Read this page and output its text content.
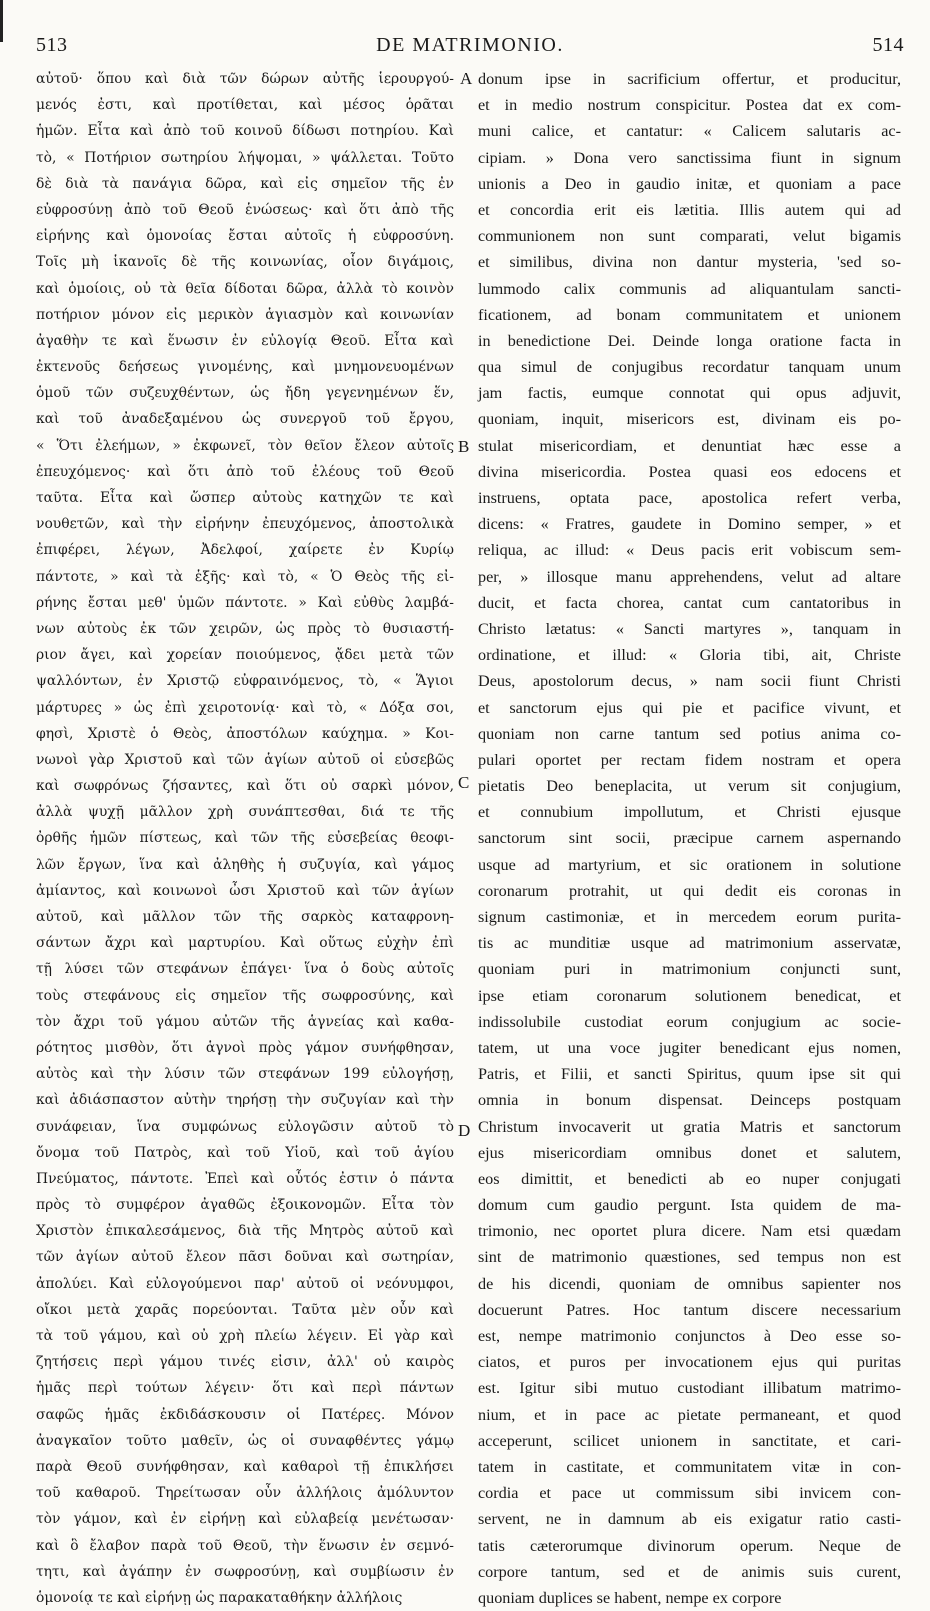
513	DE MATRIMONIO.	514
αὐτοῦ· ὅπου καὶ διὰ τῶν δώρων αὐτῆς ἱερουργού-
μενός ἐστι, καὶ προτίθεται, καὶ μέσος ὁρᾶται
ἡμῶν. Εἶτα καὶ ἀπὸ τοῦ κοινοῦ δίδωσι ποτηρίου. Καὶ
τὸ, « Ποτήριον σωτηρίου λήψομαι, » ψάλλεται. Τοῦτο
δὲ διὰ τὰ πανάγια δῶρα, καὶ εἰς σημεῖον τῆς ἐν
εὐφροσύνῃ ἀπὸ τοῦ Θεοῦ ἑνώσεως· καὶ ὅτι ἀπὸ τῆς
εἰρήνης καὶ ὁμονοίας ἔσται αὐτοῖς ἡ εὐφροσύνη.
Τοῖς μὴ ἱκανοῖς δὲ τῆς κοινωνίας, οἷον διγάμοις,
καὶ ὁμοίοις, οὐ τὰ θεῖα δίδοται δῶρα, ἀλλὰ τὸ κοινὸν
ποτήριον μόνον εἰς μερικὸν ἁγιασμὸν καὶ κοινωνίαν
ἀγαθὴν τε καὶ ἕνωσιν ἐν εὐλογίᾳ Θεοῦ. Εἶτα καὶ
ἐκτενοῦς δεήσεως γινομένης, καὶ μνημονευομένων
ὁμοῦ τῶν συζευχθέντων, ὡς ἤδη γεγενημένων ἕν,
καὶ τοῦ ἀναδεξαμένου ὡς συνεργοῦ τοῦ ἔργου,
« Ὅτι ἐλεήμων, » ἐκφωνεῖ, τὸν θεῖον ἔλεον αὐτοῖς
ἐπευχόμενος· καὶ ὅτι ἀπὸ τοῦ ἐλέους τοῦ Θεοῦ
ταῦτα. Εἶτα καὶ ὥσπερ αὐτοὺς κατηχῶν τε καὶ
νουθετῶν, καὶ τὴν εἰρήνην ἐπευχόμενος, ἀποστολικὰ
ἐπιφέρει, λέγων, Ἀδελφοί, χαίρετε ἐν Κυρίῳ
πάντοτε, » καὶ τὰ ἑξῆς· καὶ τὸ, « Ὁ Θεὸς τῆς εἰ-
ρήνης ἔσται μεθ' ὑμῶν πάντοτε. » Καὶ εὐθὺς λαμβά-
νων αὐτοὺς ἐκ τῶν χειρῶν, ὡς πρὸς τὸ θυσιαστή-
ριον ἄγει, καὶ χορείαν ποιούμενος, ᾄδει μετὰ τῶν
ψαλλόντων, ἐν Χριστῷ εὐφραινόμενος, τὸ, « Ἅγιοι
μάρτυρες » ὡς ἐπὶ χειροτονίᾳ· καὶ τὸ, « Δόξα σοι,
φησὶ, Χριστὲ ὁ Θεὸς, ἀποστόλων καύχημα. » Κοι-
νωνοὶ γὰρ Χριστοῦ καὶ τῶν ἁγίων αὐτοῦ οἱ εὐσεβῶς
καὶ σωφρόνως ζήσαντες, καὶ ὅτι οὐ σαρκὶ μόνον,
ἀλλὰ ψυχῇ μᾶλλον χρὴ συνάπτεσθαι, διά τε τῆς
ὀρθῆς ἡμῶν πίστεως, καὶ τῶν τῆς εὐσεβείας θεοφι-
λῶν ἔργων, ἵνα καὶ ἀληθὴς ἡ συζυγία, καὶ γάμος
ἀμίαντος, καὶ κοινωνοὶ ὦσι Χριστοῦ καὶ τῶν ἁγίων
αὐτοῦ, καὶ μᾶλλον τῶν τῆς σαρκὸς καταφρονη-
σάντων ἄχρι καὶ μαρτυρίου. Καὶ οὕτως εὐχὴν ἐπὶ
τῇ λύσει τῶν στεφάνων ἐπάγει· ἵνα ὁ δοὺς αὐτοῖς
τοὺς στεφάνους εἰς σημεῖον τῆς σωφροσύνης, καὶ
τὸν ἄχρι τοῦ γάμου αὐτῶν τῆς ἁγνείας καὶ καθα-
ρότητος μισθὸν, ὅτι ἁγνοὶ πρὸς γάμον συνήφθησαν,
αὐτὸς καὶ τὴν λύσιν τῶν στεφάνων 199 εὐλογήσῃ,
καὶ ἀδιάσπαστον αὐτὴν τηρήσῃ τὴν συζυγίαν καὶ τὴν
συνάφειαν, ἵνα συμφώνως εὐλογῶσιν αὐτοῦ τὸ
ὄνομα τοῦ Πατρὸς, καὶ τοῦ Υἱοῦ, καὶ τοῦ ἁγίου
Πνεύματος, πάντοτε. Ἐπεὶ καὶ οὗτός ἐστιν ὁ πάντα
πρὸς τὸ συμφέρον ἀγαθῶς ἐξοικονομῶν. Εἶτα τὸν
Χριστὸν ἐπικαλεσάμενος, διὰ τῆς Μητρὸς αὐτοῦ καὶ
τῶν ἁγίων αὐτοῦ ἔλεον πᾶσι δοῦναι καὶ σωτηρίαν,
ἀπολύει. Καὶ εὐλογούμενοι παρ' αὐτοῦ οἱ νεόνυμφοι,
οἴκοι μετὰ χαρᾶς πορεύονται. Ταῦτα μὲν οὖν καὶ
τὰ τοῦ γάμου, καὶ οὐ χρὴ πλείω λέγειν. Εἰ γὰρ καὶ
ζητήσεις περὶ γάμου τινές εἰσιν, ἀλλ' οὐ καιρὸς
ἡμᾶς περὶ τούτων λέγειν· ὅτι καὶ περὶ πάντων
σαφῶς ἡμᾶς ἐκδιδάσκουσιν οἱ Πατέρες. Μόνον
ἀναγκαῖον τοῦτο μαθεῖν, ὡς οἱ συναφθέντες γάμῳ
παρὰ Θεοῦ συνήφθησαν, καὶ καθαροὶ τῇ ἐπικλήσει
τοῦ καθαροῦ. Τηρείτωσαν οὖν ἀλλήλοις ἀμόλυντον
τὸν γάμον, καὶ ἐν εἰρήνῃ καὶ εὐλαβείᾳ μενέτωσαν·
καὶ ὃ ἔλαβον παρὰ τοῦ Θεοῦ, τὴν ἕνωσιν ἐν σεμνό-
τητι, καὶ ἀγάπην ἐν σωφροσύνῃ, καὶ συμβίωσιν ἐν
ὁμονοίᾳ τε καὶ εἰρήνῃ ὡς παρακαταθήκην ἀλλήλοις
donum ipse in sacrificium offertur, et producitur,
et in medio nostrum conspicitur. Postea dat ex com-
muni calice, et cantatur: « Calicem salutaris ac-
cipiam. » Dona vero sanctissima fiunt in signum
unionis a Deo in gaudio initæ, et quoniam a pace
et concordia erit eis lætitia. Illis autem qui ad
communionem non sunt comparati, velut bigamis
et similibus, divina non dantur mysteria, 'sed so-
lummodo calix communis ad aliquantulam sancti-
ficationem, ad bonam communitatem et unionem
in benedictione Dei. Deinde longa oratione facta in
qua simul de conjugibus recordatur tanquam unum
jam factis, eumque connotat qui opus adjuvit,
quoniam, inquit, misericors est, divinam eis po-
stulat misericordiam, et denuntiat hæc esse a
divina misericordia. Postea quasi eos edocens et
instruens, optata pace, apostolica refert verba,
dicens: « Fratres, gaudete in Domino semper, » et
reliqua, ac illud: « Deus pacis erit vobiscum sem-
per, » illosque manu apprehendens, velut ad altare
ducit, et facta chorea, cantat cum cantatoribus in
Christo lætatus: « Sancti martyres », tanquam in
ordinatione, et illud: « Gloria tibi, ait, Christe
Deus, apostolorum decus, » nam socii fiunt Christi
et sanctorum ejus qui pie et pacifice vivunt, et
quoniam non carne tantum sed potius anima co-
pulari oportet per rectam fidem nostram et opera
pietatis Deo beneplacita, ut verum sit conjugium,
et connubium impollutum, et Christi ejusque
sanctorum sint socii, præcipue carnem aspernando
usque ad martyrium, et sic orationem in solutione
coronarum protrahit, ut qui dedit eis coronas in
signum castimoniæ, et in mercedem eorum purita-
tis ac munditiæ usque ad matrimonium asservatæ,
quoniam puri in matrimonium conjuncti sunt,
ipse etiam coronarum solutionem benedicat, et
indissolubile custodiat eorum conjugium ac socie-
tatem, ut una voce jugiter benedicant ejus nomen,
Patris, et Filii, et sancti Spiritus, quum ipse sit qui
omnia in bonum dispensat. Deinceps postquam
Christum invocaverit ut gratia Matris et sanctorum
ejus misericordiam omnibus donet et salutem,
eos dimittit, et benedicti ab eo nuper conjugati
domum cum gaudio pergunt. Ista quidem de ma-
trimonio, nec oportet plura dicere. Nam etsi quædam
sint de matrimonio quæstiones, sed tempus non est
de his dicendi, quoniam de omnibus sapienter nos
docuerunt Patres. Hoc tantum discere necessarium
est, nempe matrimonio conjunctos à Deo esse so-
ciatos, et puros per invocationem ejus qui puritas
est. Igitur sibi mutuo custodiant illibatum matrimo-
nium, et in pace ac pietate permaneant, et quod
acceperunt, scilicet unionem in sanctitate, et cari-
tatem in castitate, et communitatem vitæ in con-
cordia et pace ut commissum sibi invicem con-
servent, ne in damnum ab eis exigatur ratio casti-
tatis cæterorumque divinorum operum. Neque de
corpore tantum, sed et de animis suis curent,
quoniam duplices se habent, nempe ex corpore
A
B
C
D
